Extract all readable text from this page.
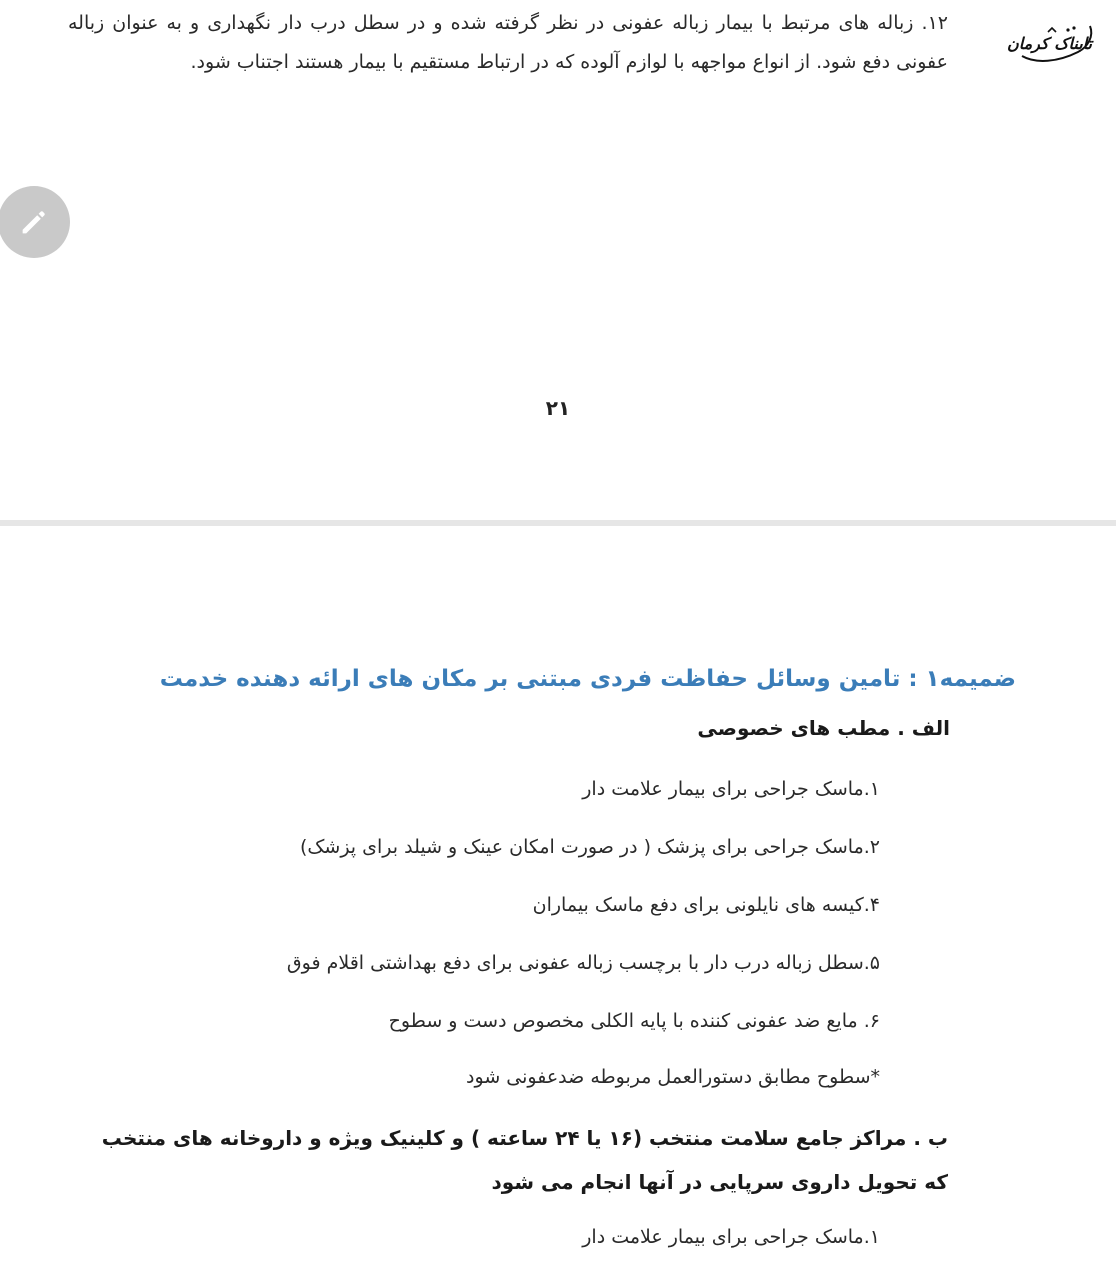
۱۲. زباله های مرتبط با بیمار زباله عفونی در نظر گرفته شده و در سطل درب دار نگهداری و به عنوان زباله عفونی دفع شود. از انواع مواجهه با لوازم آلوده که در ارتباط مستقیم با بیمار هستند اجتناب شود.
تابناک کرمان
۲۱
ضمیمه۱ : تامین وسائل حفاظت فردی مبتنی بر مکان های ارائه دهنده خدمت
الف . مطب های خصوصی
۱.ماسک جراحی برای بیمار علامت دار
۲.ماسک جراحی برای پزشک ( در صورت امکان عینک و شیلد برای پزشک)
۴.کیسه های نایلونی برای دفع ماسک بیماران
۵.سطل زباله درب دار با برچسب زباله عفونی برای دفع بهداشتی اقلام فوق
۶. مایع ضد عفونی کننده با پایه الکلی مخصوص دست و سطوح
*سطوح مطابق دستورالعمل مربوطه ضدعفونی شود
ب . مراکز جامع سلامت منتخب (۱۶ یا ۲۴ ساعته ) و کلینیک ویژه و داروخانه های منتخب که تحویل داروی سرپایی در آنها انجام می شود
۱.ماسک جراحی برای بیمار علامت دار
